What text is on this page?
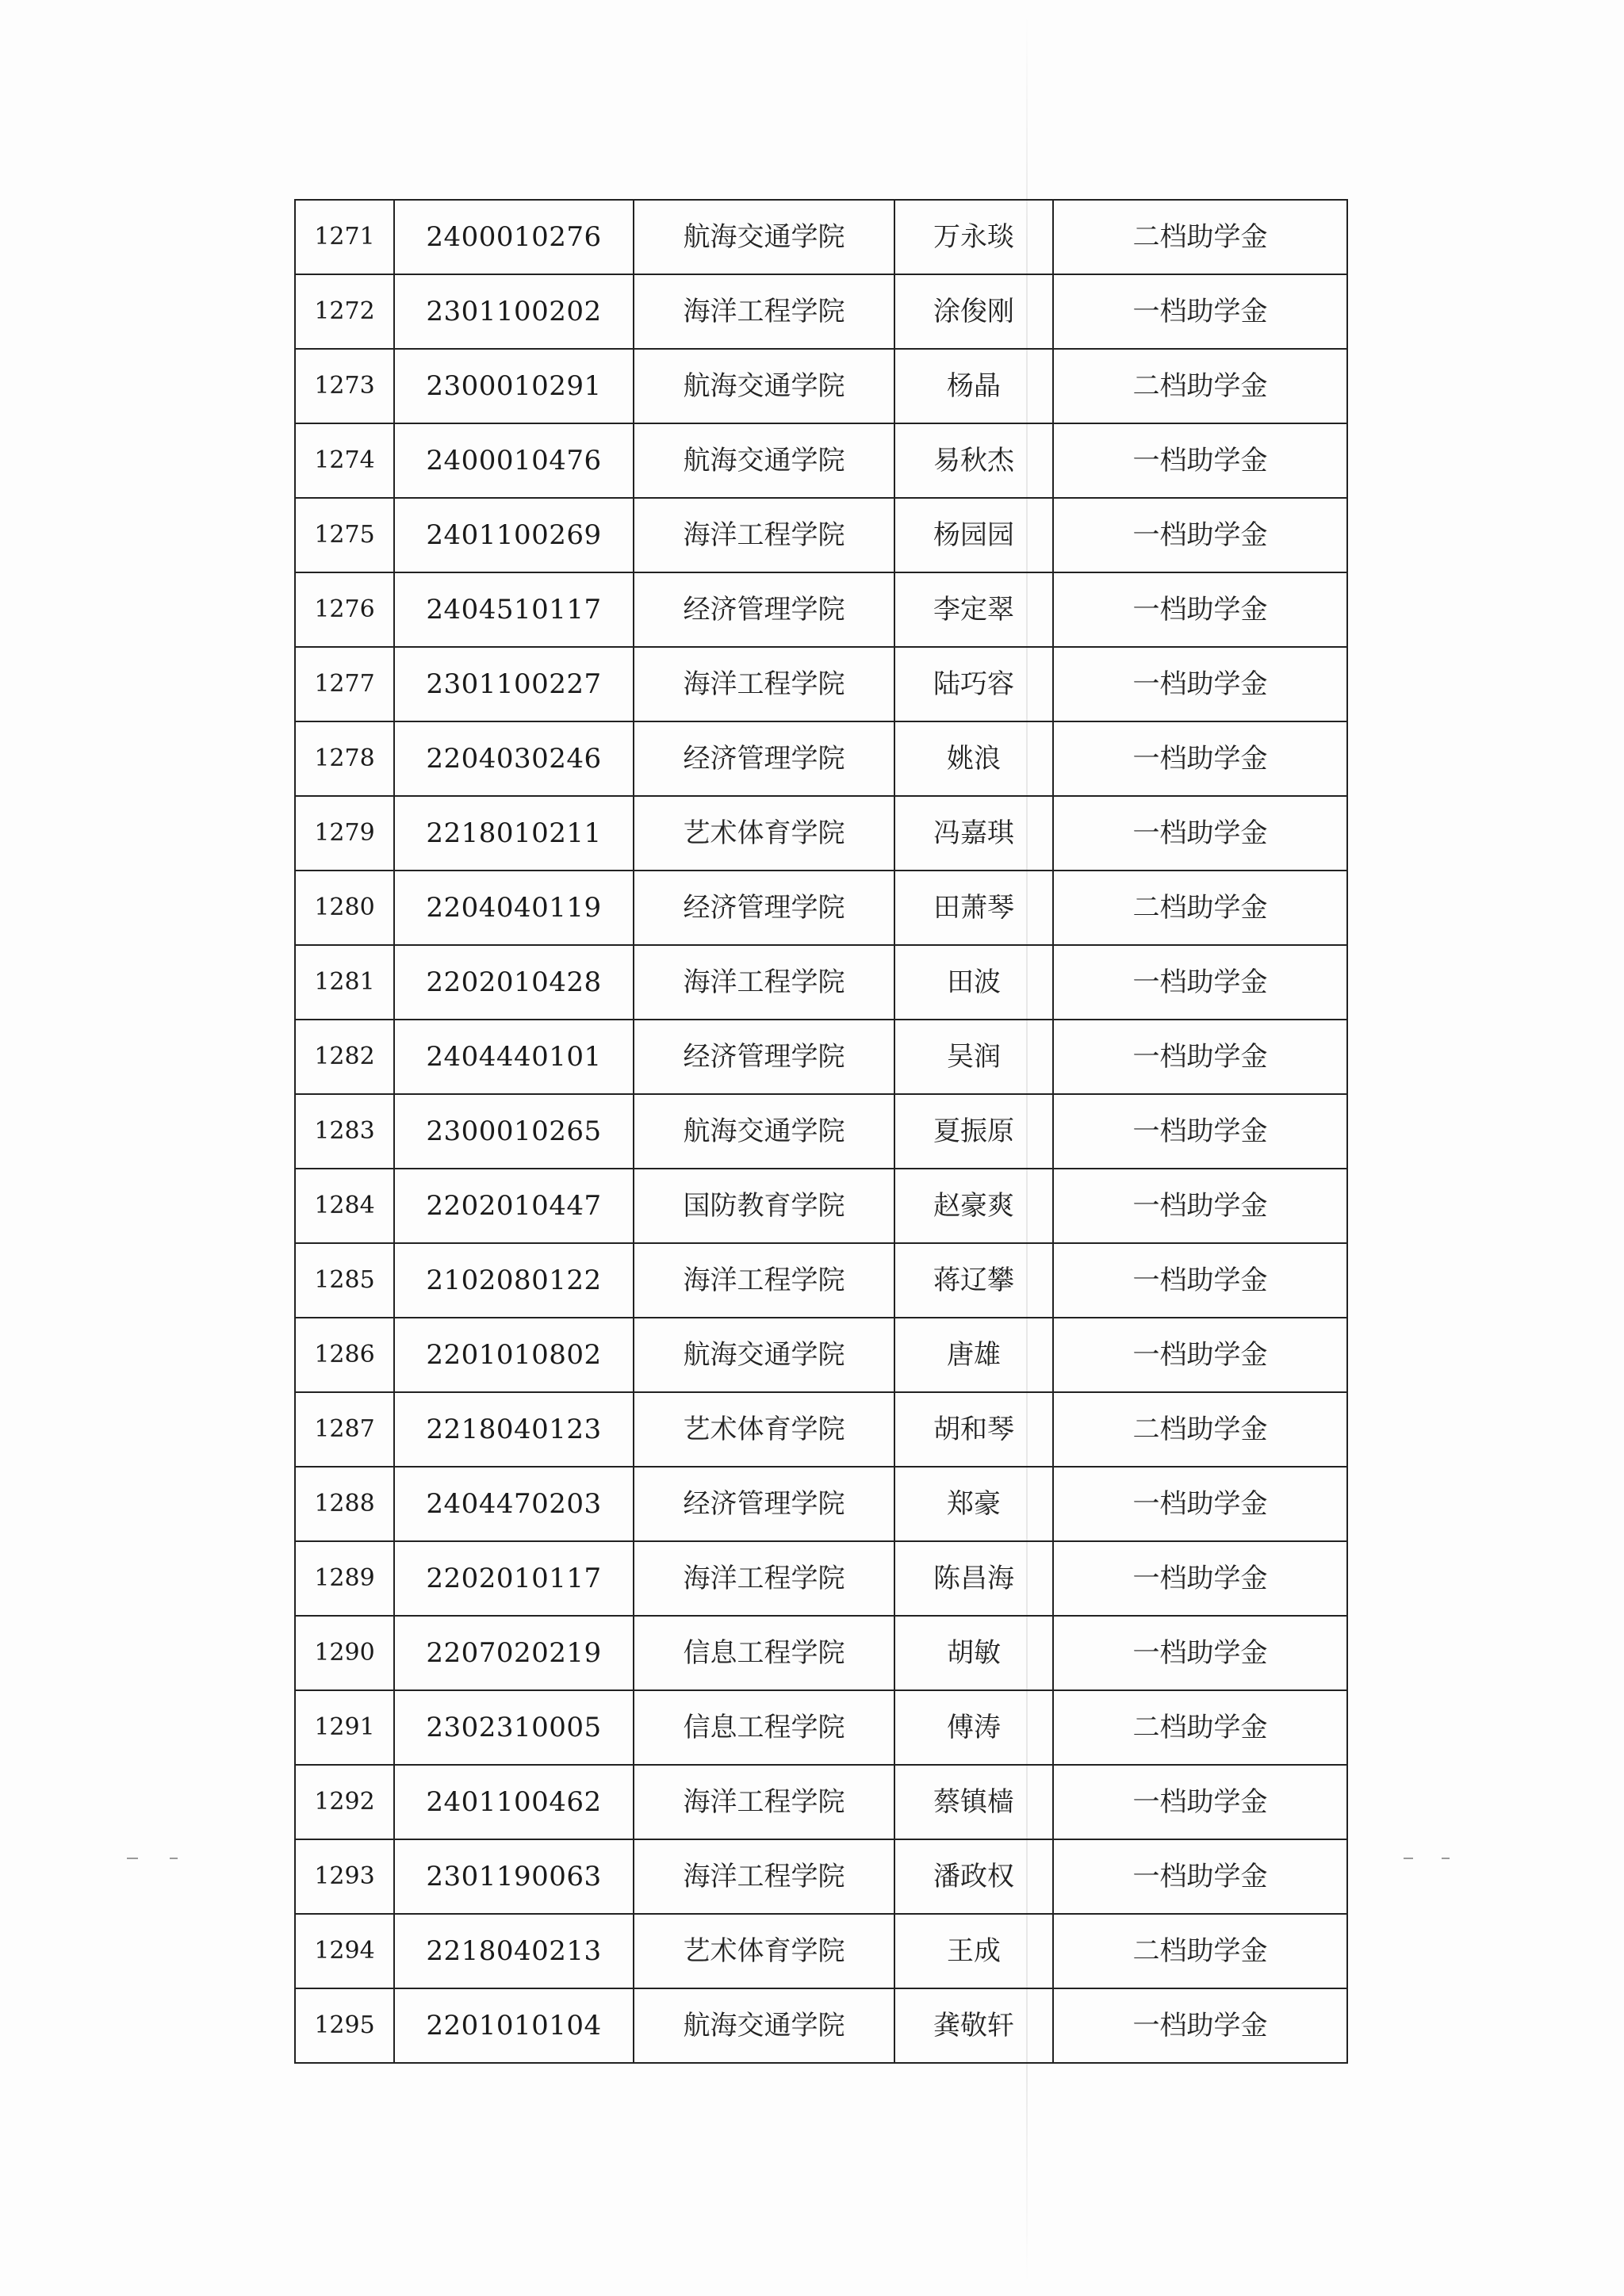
1271	2400010276	航海交通学院	万永琰	二档助学金
1272	2301100202	海洋工程学院	涂俊刚	一档助学金
1273	2300010291	航海交通学院	杨晶	二档助学金
1274	2400010476	航海交通学院	易秋杰	一档助学金
1275	2401100269	海洋工程学院	杨园园	一档助学金
1276	2404510117	经济管理学院	李定翠	一档助学金
1277	2301100227	海洋工程学院	陆巧容	一档助学金
1278	2204030246	经济管理学院	姚浪	一档助学金
1279	2218010211	艺术体育学院	冯嘉琪	一档助学金
1280	2204040119	经济管理学院	田萧琴	二档助学金
1281	2202010428	海洋工程学院	田波	一档助学金
1282	2404440101	经济管理学院	吴润	一档助学金
1283	2300010265	航海交通学院	夏振原	一档助学金
1284	2202010447	国防教育学院	赵豪爽	一档助学金
1285	2102080122	海洋工程学院	蒋辽攀	一档助学金
1286	2201010802	航海交通学院	唐雄	一档助学金
1287	2218040123	艺术体育学院	胡和琴	二档助学金
1288	2404470203	经济管理学院	郑豪	一档助学金
1289	2202010117	海洋工程学院	陈昌海	一档助学金
1290	2207020219	信息工程学院	胡敏	一档助学金
1291	2302310005	信息工程学院	傅涛	二档助学金
1292	2401100462	海洋工程学院	蔡镇樯	一档助学金
1293	2301190063	海洋工程学院	潘政权	一档助学金
1294	2218040213	艺术体育学院	王成	二档助学金
1295	2201010104	航海交通学院	龚敬轩	一档助学金
